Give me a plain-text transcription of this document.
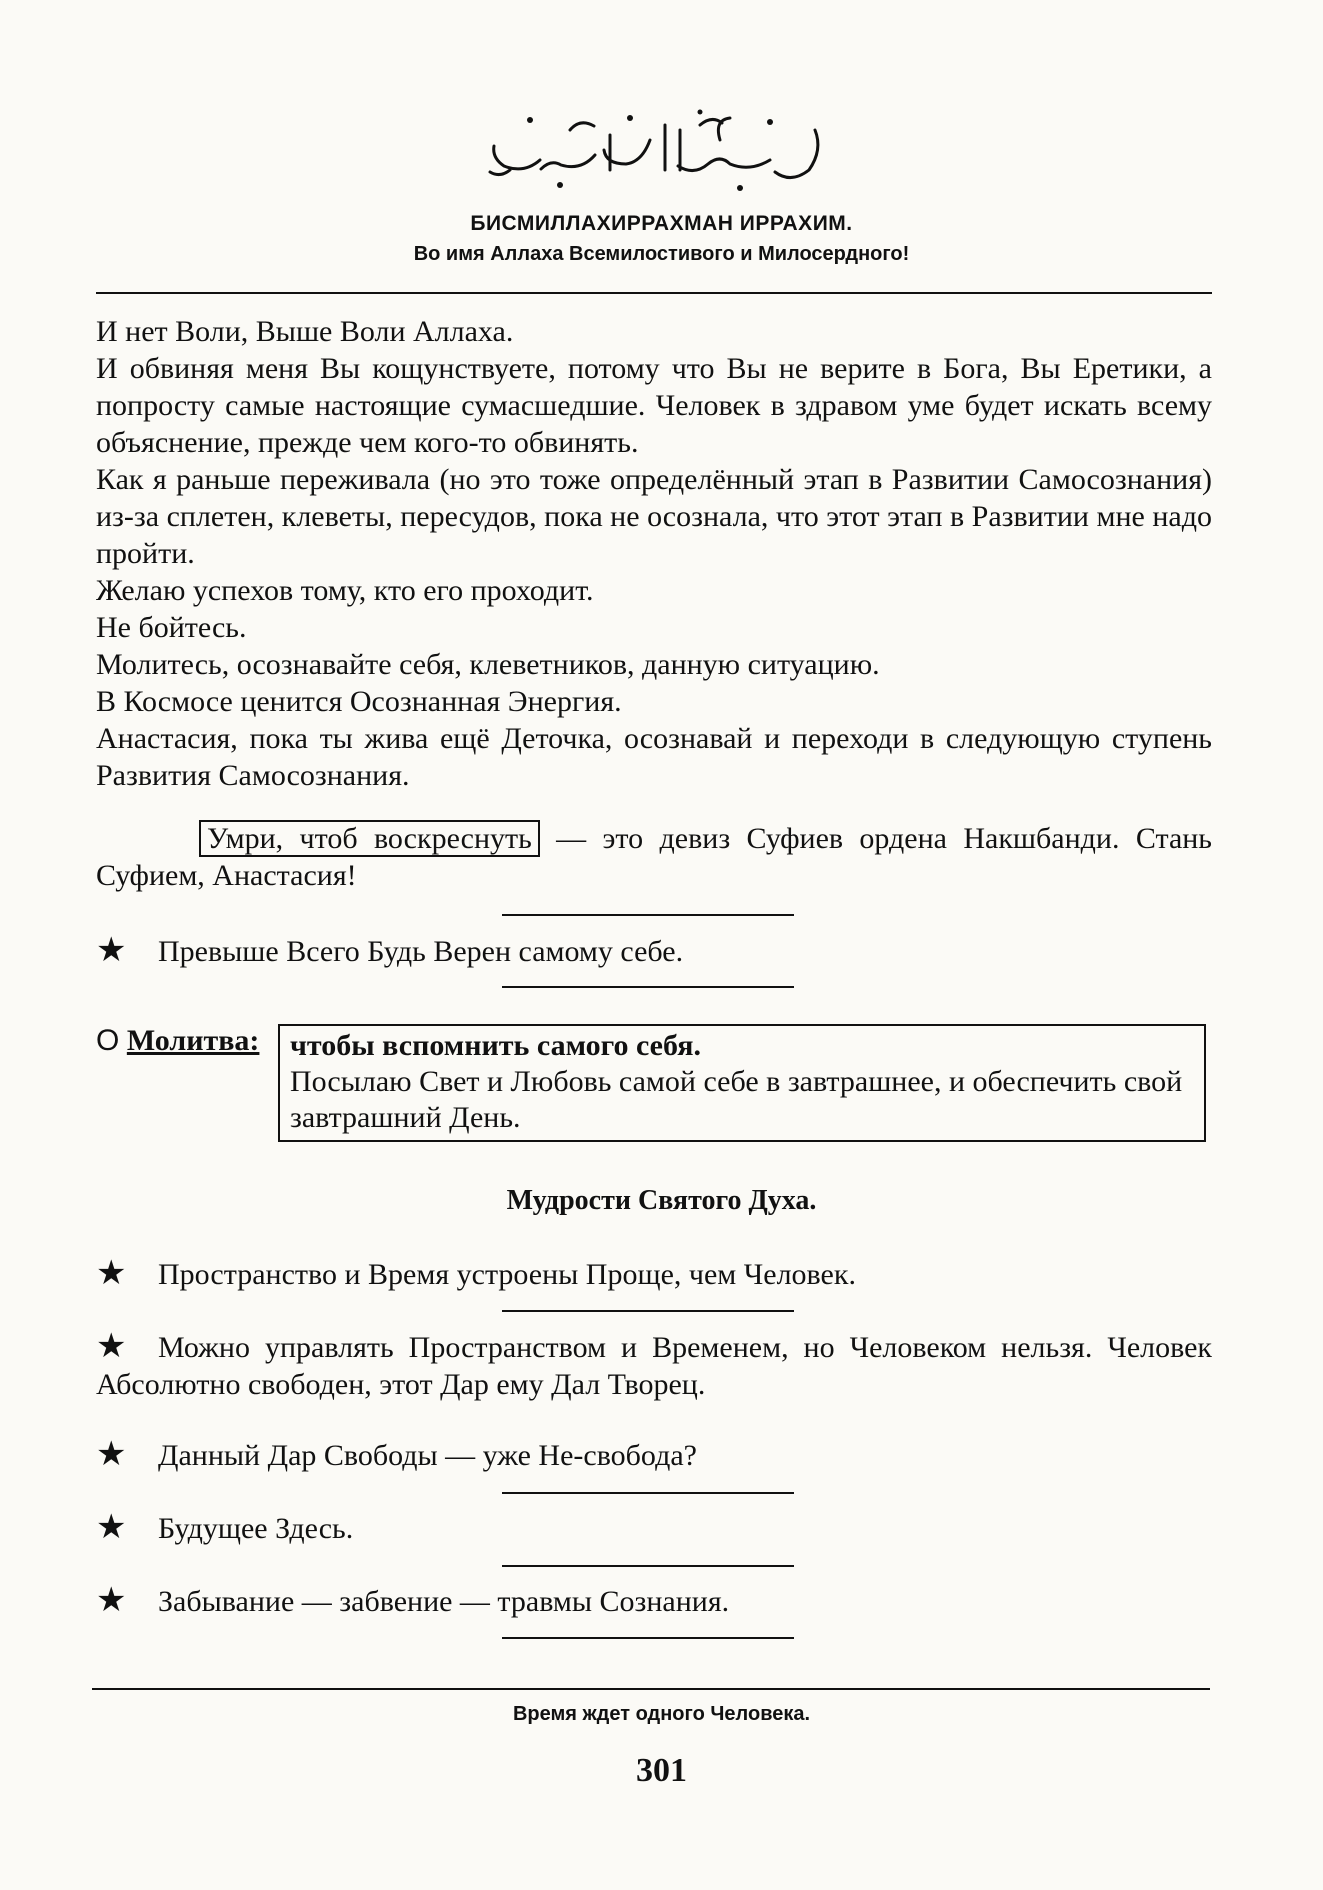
БИСМИЛЛАХИРРАХМАН ИРРАХИМ.
Во имя Аллаха Всемилостивого и Милосердного!

И нет Воли, Выше Воли Аллаха.

И обвиняя меня Вы кощунствуете, потому что Вы не верите в Бога, Вы Еретики, а попросту самые настоящие сумасшедшие. Человек в здравом уме будет искать всему объяснение, прежде чем кого-то обвинять.

Как я раньше переживала (но это тоже определённый этап в Развитии Самосознания) из-за сплетен, клеветы, пересудов, пока не осознала, что этот этап в Развитии мне надо пройти.

Желаю успехов тому, кто его проходит.

Не бойтесь.

Молитесь, осознавайте себя, клеветников, данную ситуацию.

В Космосе ценится Осознанная Энергия.

Анастасия, пока ты жива ещё Деточка, осознавай и переходи в следующую ступень Развития Самосознания.

Умри, чтоб воскреснуть — это девиз Суфиев ордена Накшбанди. Стань Суфием, Анастасия!
★ Превыше Всего Будь Верен самому себе.
О Молитва: чтобы вспомнить самого себя.
Посылаю Свет и Любовь самой себе в завтрашнее, и обеспечить свой завтрашний День.
Мудрости Святого Духа.
★ Пространство и Время устроены Проще, чем Человек.
★ Можно управлять Пространством и Временем, но Человеком нельзя. Человек Абсолютно свободен, этот Дар ему Дал Творец.
★ Данный Дар Свободы — уже Не-свобода?
★ Будущее Здесь.
★ Забывание — забвение — травмы Сознания.
Время ждет одного Человека.
301
